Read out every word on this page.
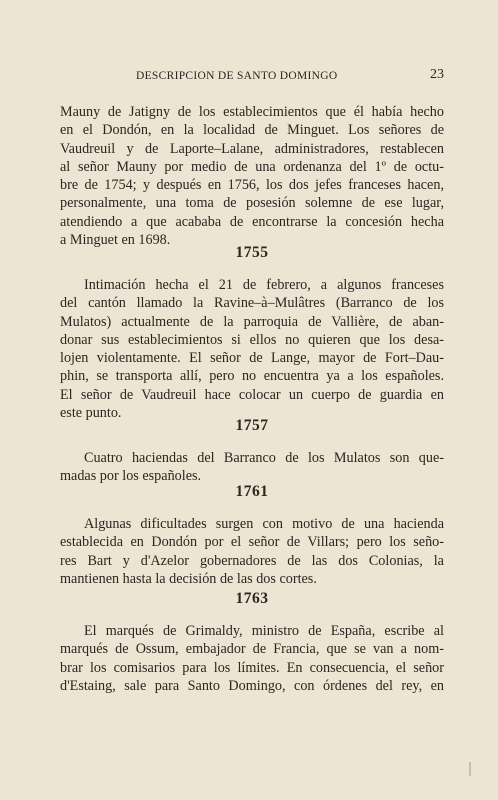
DESCRIPCION DE SANTO DOMINGO	23
Mauny de Jatigny de los establecimientos que él había hecho
en el Dondón, en la localidad de Minguet. Los señores de
Vaudreuil y de Laporte–Lalane, administradores, restablecen
al señor Mauny por medio de una ordenanza del 1º de octu-
bre de 1754; y después en 1756, los dos jefes franceses hacen,
personalmente, una toma de posesión solemne de ese lugar,
atendiendo a que acababa de encontrarse la concesión hecha
a Minguet en 1698.
1755
Intimación hecha el 21 de febrero, a algunos franceses
del cantón llamado la Ravine–à–Mulâtres (Barranco de los
Mulatos) actualmente de la parroquia de Vallière, de aban-
donar sus establecimientos si ellos no quieren que los desa-
lojen violentamente. El señor de Lange, mayor de Fort–Dau-
phin, se transporta allí, pero no encuentra ya a los españoles.
El señor de Vaudreuil hace colocar un cuerpo de guardia en
este punto.
1757
Cuatro haciendas del Barranco de los Mulatos son que-
madas por los españoles.
1761
Algunas dificultades surgen con motivo de una hacienda
establecida en Dondón por el señor de Villars; pero los seño-
res Bart y d'Azelor gobernadores de las dos Colonias, la
mantienen hasta la decisión de las dos cortes.
1763
El marqués de Grimaldy, ministro de España, escribe al
marqués de Ossum, embajador de Francia, que se van a nom-
brar los comisarios para los límites. En consecuencia, el señor
d'Estaing, sale para Santo Domingo, con órdenes del rey, en
